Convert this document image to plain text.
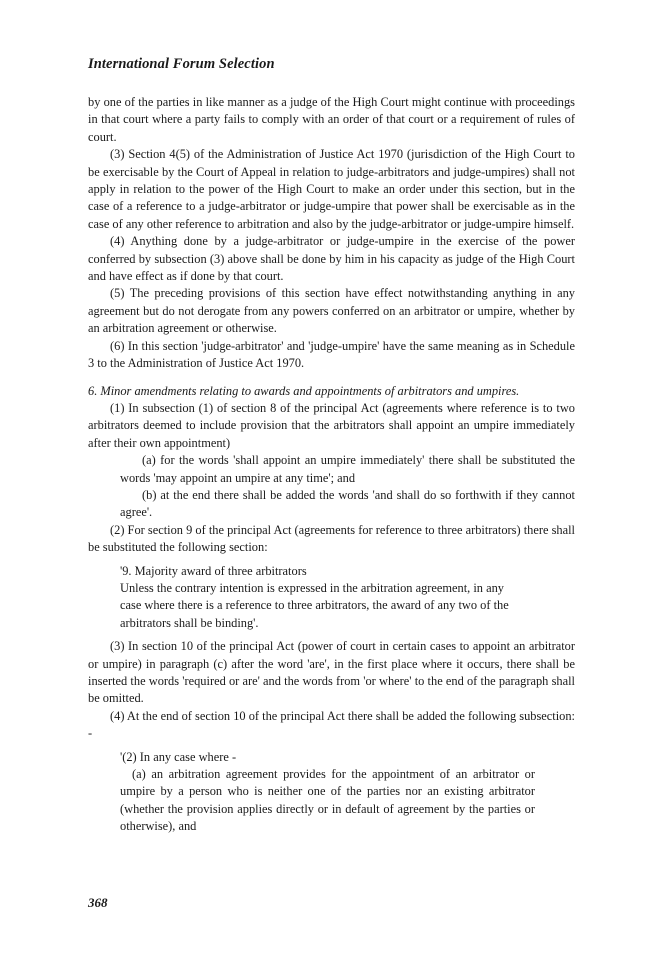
International Forum Selection

by one of the parties in like manner as a judge of the High Court might continue with proceedings in that court where a party fails to comply with an order of that court or a requirement of rules of court.

(3) Section 4(5) of the Administration of Justice Act 1970 (jurisdiction of the High Court to be exercisable by the Court of Appeal in relation to judge-arbitrators and judge-umpires) shall not apply in relation to the power of the High Court to make an order under this section, but in the case of a reference to a judge-arbitrator or judge-umpire that power shall be exercisable as in the case of any other reference to arbitration and also by the judge-arbitrator or judge-umpire himself.

(4) Anything done by a judge-arbitrator or judge-umpire in the exercise of the power conferred by subsection (3) above shall be done by him in his capacity as judge of the High Court and have effect as if done by that court.

(5) The preceding provisions of this section have effect notwithstanding anything in any agreement but do not derogate from any powers conferred on an arbitrator or umpire, whether by an arbitration agreement or otherwise.

(6) In this section 'judge-arbitrator' and 'judge-umpire' have the same meaning as in Schedule 3 to the Administration of Justice Act 1970.

6. Minor amendments relating to awards and appointments of arbitrators and umpires.

(1) In subsection (1) of section 8 of the principal Act (agreements where reference is to two arbitrators deemed to include provision that the arbitrators shall appoint an umpire immediately after their own appointment)

(a) for the words 'shall appoint an umpire immediately' there shall be substituted the words 'may appoint an umpire at any time'; and

(b) at the end there shall be added the words 'and shall do so forthwith if they cannot agree'.

(2) For section 9 of the principal Act (agreements for reference to three arbitrators) there shall be substituted the following section:

'9. Majority award of three arbitrators

Unless the contrary intention is expressed in the arbitration agreement, in any case where there is a reference to three arbitrators, the award of any two of the arbitrators shall be binding'.

(3) In section 10 of the principal Act (power of court in certain cases to appoint an arbitrator or umpire) in paragraph (c) after the word 'are', in the first place where it occurs, there shall be inserted the words 'required or are' and the words from 'or where' to the end of the paragraph shall be omitted.

(4) At the end of section 10 of the principal Act there shall be added the following subsection: -

'(2) In any case where -

(a) an arbitration agreement provides for the appointment of an arbitrator or umpire by a person who is neither one of the parties nor an existing arbitrator (whether the provision applies directly or in default of agreement by the parties or otherwise), and

368
